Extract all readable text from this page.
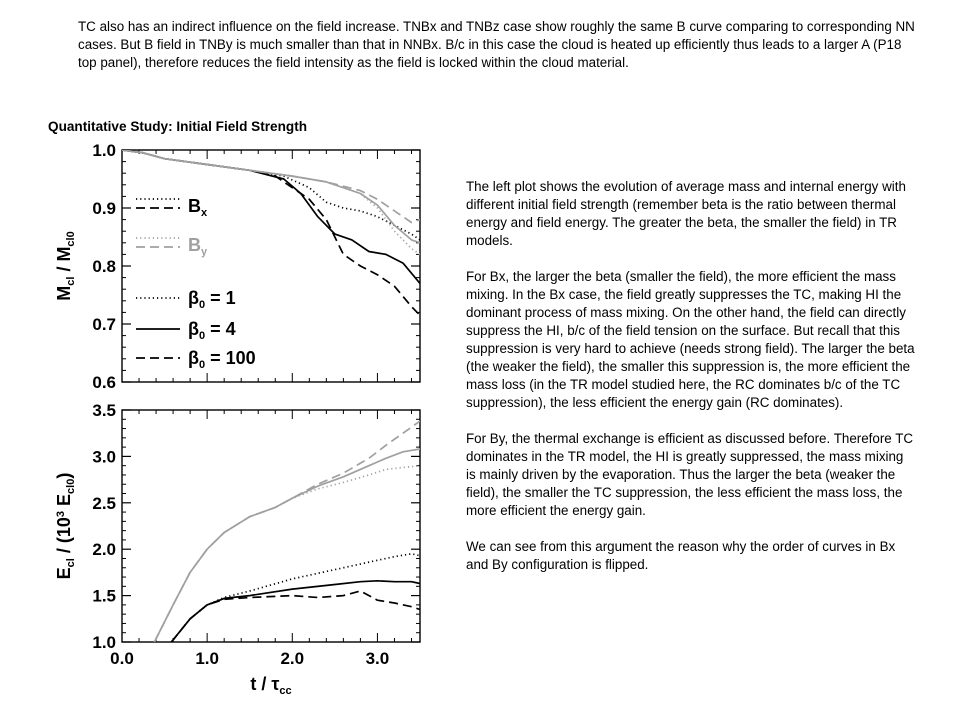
TC also has an indirect influence on the field increase. TNBx and TNBz case show roughly the same B curve comparing to corresponding NN cases. But B field in TNBy is much smaller than that in NNBx. B/c in this case the cloud is heated up efficiently thus leads to a larger A (P18 top panel), therefore reduces the field intensity as the field is locked within the cloud material.

Quantitative Study: Initial Field Strength
0.6
0.7
0.8
0.9
1.0
$M_{cl} / M_{cl0}$
$B_x$
$B_y$
$\beta_0 = 1$
$\beta_0 = 4$
$\beta_0 = 100$
1.0
1.5
2.0
2.5
3.0
3.5
0.0	1.0	2.0	3.0
t / $\tau_{cc}$
$E_{cl} / (10^3$ $E_{cl0}$)

The left plot shows the evolution of average mass and internal energy with different initial field strength (remember beta is the ratio between thermal energy and field energy. The greater the beta, the smaller the field) in TR models.

For Bx, the larger the beta (smaller the field), the more efficient the mass mixing. In the Bx case, the field greatly suppresses the TC, making HI the dominant process of mass mixing. On the other hand, the field can directly suppress the HI, b/c of the field tension on the surface. But recall that this suppression is very hard to achieve (needs strong field). The larger the beta (the weaker the field), the smaller this suppression is, the more efficient the mass loss (in the TR model studied here, the RC dominates b/c of the TC suppression), the less efficient the energy gain (RC dominates).

For By, the thermal exchange is efficient as discussed before. Therefore TC dominates in the TR model, the HI is greatly suppressed, the mass mixing is mainly driven by the evaporation. Thus the larger the beta (weaker the field), the smaller the TC suppression, the less efficient the mass loss, the more efficient the energy gain.

We can see from this argument the reason why the order of curves in Bx and By configuration is flipped.
